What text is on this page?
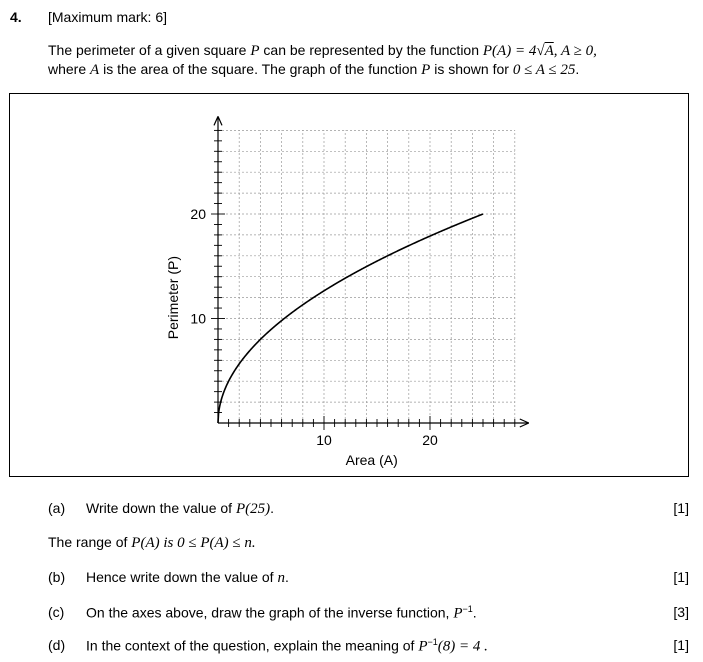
4. [Maximum mark: 6]
The perimeter of a given square P can be represented by the function P(A) = 4√A, A ≥ 0,
where A is the area of the square. The graph of the function P is shown for 0 ≤ A ≤ 25.
10	20
10
20
Area (A)
Perimeter (P)
(a) Write down the value of P(25).	[1]
The range of P(A) is 0 ≤ P(A) ≤ n.
(b) Hence write down the value of n.	[1]
(c) On the axes above, draw the graph of the inverse function, $P^{-1}$.	[3]
(d) In the context of the question, explain the meaning of $P^{-1}(8) = 4$ .	[1]
